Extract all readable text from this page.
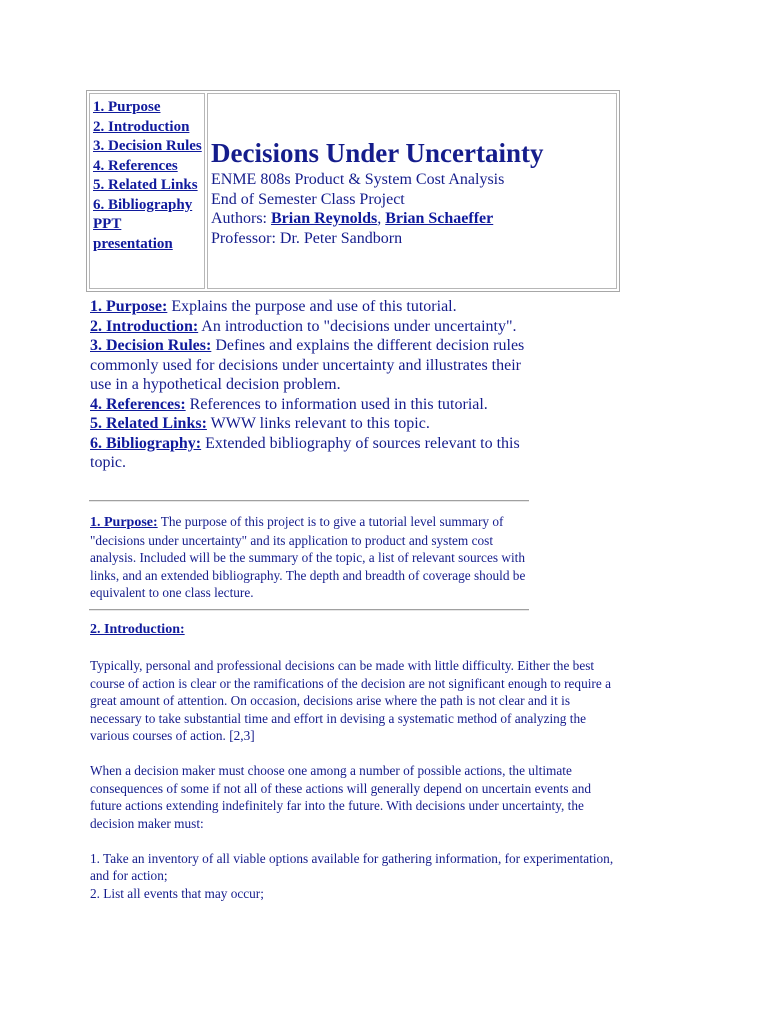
1. Purpose
2. Introduction
3. Decision Rules
4. References
5. Related Links
6. Bibliography
PPT presentation
Decisions Under Uncertainty
ENME 808s Product & System Cost Analysis
End of Semester Class Project
Authors: Brian Reynolds, Brian Schaeffer
Professor: Dr. Peter Sandborn
1. Purpose: Explains the purpose and use of this tutorial.
2. Introduction: An introduction to "decisions under uncertainty".
3. Decision Rules: Defines and explains the different decision rules commonly used for decisions under uncertainty and illustrates their use in a hypothetical decision problem.
4. References: References to information used in this tutorial.
5. Related Links: WWW links relevant to this topic.
6. Bibliography: Extended bibliography of sources relevant to this topic.
1. Purpose: The purpose of this project is to give a tutorial level summary of "decisions under uncertainty" and its application to product and system cost analysis. Included will be the summary of the topic, a list of relevant sources with links, and an extended bibliography. The depth and breadth of coverage should be equivalent to one class lecture.
2. Introduction:

Typically, personal and professional decisions can be made with little difficulty. Either the best course of action is clear or the ramifications of the decision are not significant enough to require a great amount of attention. On occasion, decisions arise where the path is not clear and it is necessary to take substantial time and effort in devising a systematic method of analyzing the various courses of action. [2,3]

When a decision maker must choose one among a number of possible actions, the ultimate consequences of some if not all of these actions will generally depend on uncertain events and future actions extending indefinitely far into the future. With decisions under uncertainty, the decision maker must:

1. Take an inventory of all viable options available for gathering information, for experimentation, and for action;

2. List all events that may occur;
